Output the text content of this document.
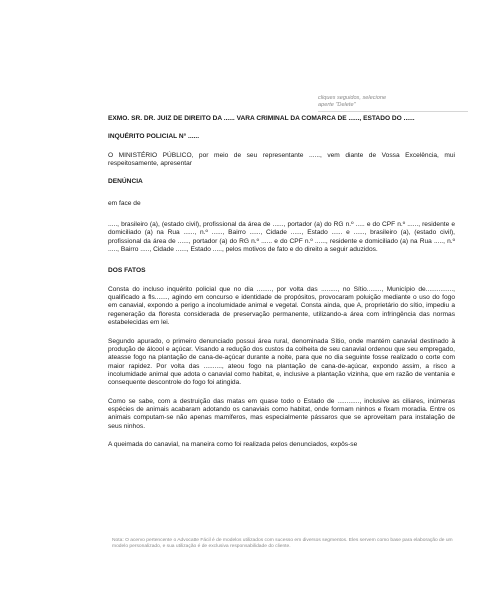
cliques seguidos, selecione
aperte "Delete"

EXMO. SR. DR. JUIZ DE DIREITO DA ...... VARA CRIMINAL DA COMARCA DE ......, ESTADO DO ......

INQUÉRITO POLICIAL N° ......

O MINISTÉRIO PÚBLICO, por meio de seu representante ......, vem diante de Vossa Excelência, mui respeitosamente, apresentar

DENÚNCIA

em face de

....., brasileiro (a), (estado civil), profissional da área de ......, portador (a) do RG n.º ..... e do CPF n.º ......, residente e domiciliado (a) na Rua ......, n.º ......, Bairro ......, Cidade ......, Estado ...... e ......, brasileiro (a), (estado civil), profissional da área de ......, portador (a) do RG n.º ...... e do CPF n.º ......, residente e domiciliado (a) na Rua ....., n.º ....., Bairro ....., Cidade ......, Estado ....., pelos motivos de fato e do direito a seguir aduzidos.

DOS FATOS

Consta do incluso inquérito policial que no dia ........, por volta das ........., no Sítio........, Município de..............., qualificado a fls......., agindo em concurso e identidade de propósitos, provocaram poluição mediante o uso do fogo em canavial, expondo a perigo a incolumidade animal e vegetal. Consta ainda, que A, proprietário do sítio, impediu a regeneração da floresta considerada de preservação permanente, utilizando-a área com infringência das normas estabelecidas em lei.

Segundo apurado, o primeiro denunciado possui área rural, denominada Sítio, onde mantém canavial destinado à produção de álcool e açúcar. Visando a redução dos custos da colheita de seu canavial ordenou que seu empregado, ateasse fogo na plantação de cana-de-açúcar durante a noite, para que no dia seguinte fosse realizado o corte com maior rapidez. Por volta das .........., ateou fogo na plantação de cana-de-açúcar, expondo assim, a risco a incolumidade animal que adota o canavial como habitat, e, inclusive a plantação vizinha, que em razão de ventania e consequente descontrole do fogo foi atingida.

Como se sabe, com a destruição das matas em quase todo o Estado de ............, inclusive as ciliares, inúmeras espécies de animais acabaram adotando os canaviais como habitat, onde formam ninhos e fixam moradia. Entre os animais computam-se não apenas mamíferos, mas especialmente pássaros que se aproveitam para instalação de seus ninhos.

A queimada do canavial, na maneira como foi realizada pelos denunciados, expôs-se

Nota: O acervo pertencente o Advocatte Fácil é de modelos utilizados com sucesso em diversos segmentos. Eles servem como base para elaboração de um modelo personalizado, e sua utilização é de exclusiva responsabilidade do cliente.
